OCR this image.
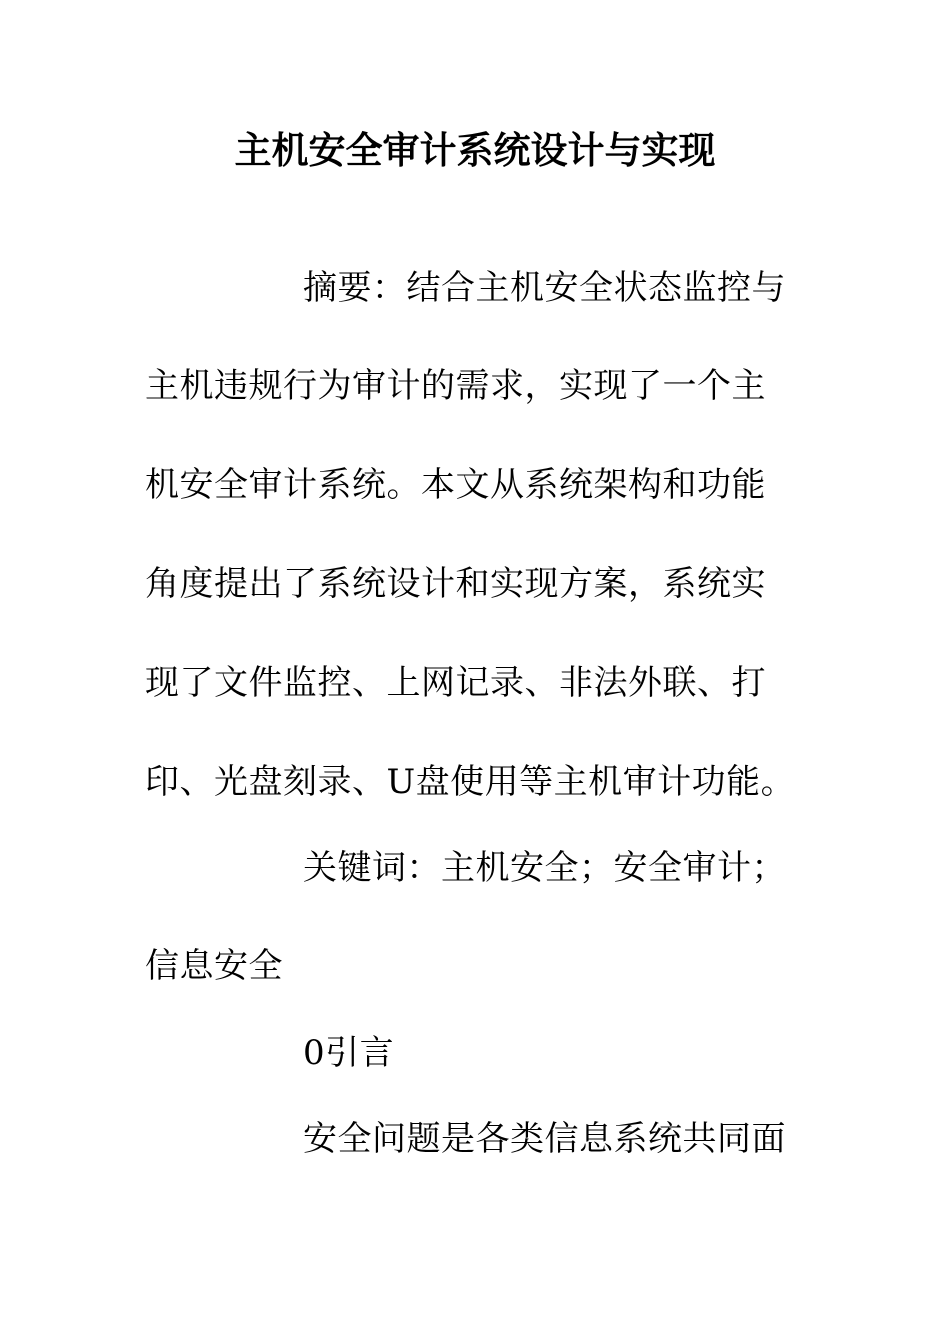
主机安全审计系统设计与实现

摘要：结合主机安全状态监控与

主机违规行为审计的需求，实现了一个主

机安全审计系统。本文从系统架构和功能

角度提出了系统设计和实现方案，系统实

现了文件监控、上网记录、非法外联、打

印、光盘刻录、U盘使用等主机审计功能。

关键词：主机安全；安全审计；

信息安全

0引言

安全问题是各类信息系统共同面
